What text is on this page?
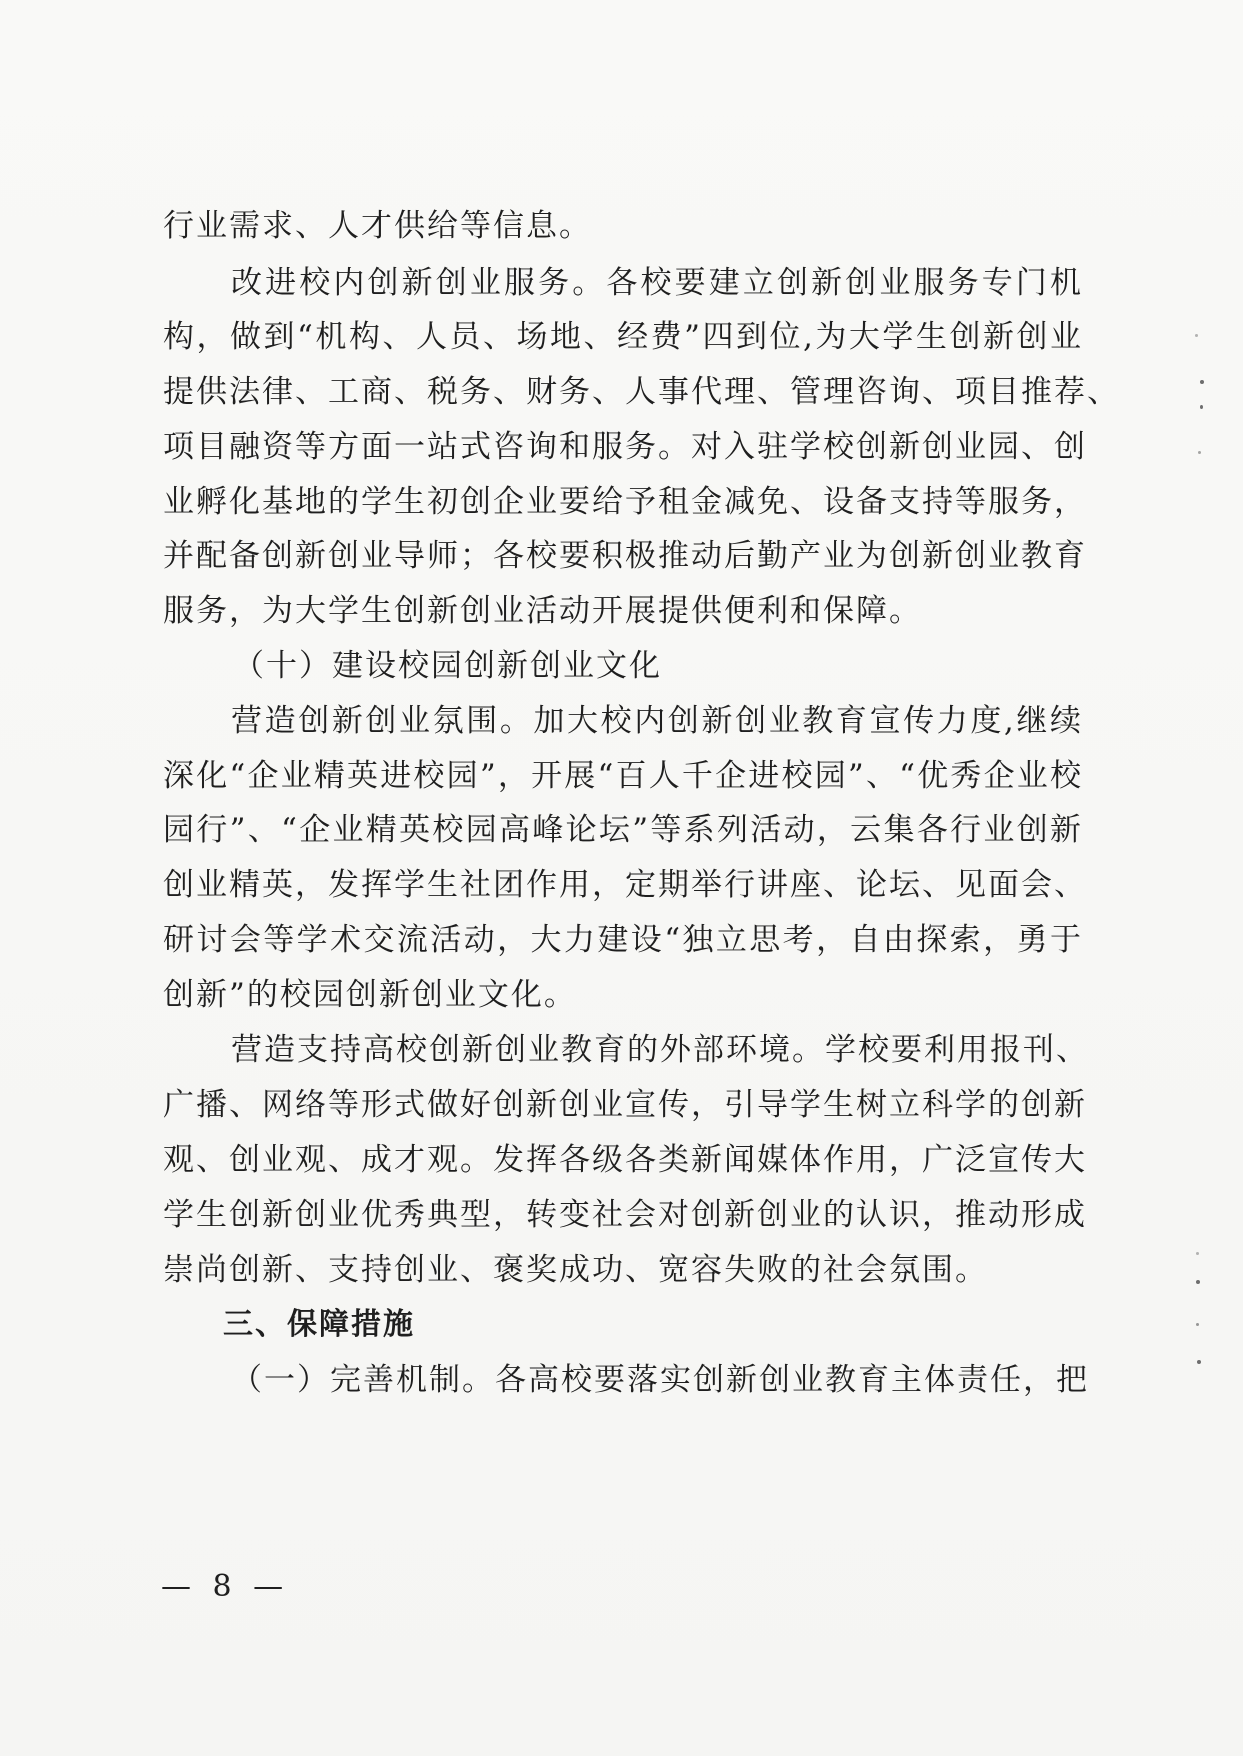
行业需求、人才供给等信息。
改进校内创新创业服务。各校要建立创新创业服务专门机
构，做到“机构、人员、场地、经费”四到位,为大学生创新创业
提供法律、工商、税务、财务、人事代理、管理咨询、项目推荐、
项目融资等方面一站式咨询和服务。对入驻学校创新创业园、创
业孵化基地的学生初创企业要给予租金减免、设备支持等服务，
并配备创新创业导师；各校要积极推动后勤产业为创新创业教育
服务，为大学生创新创业活动开展提供便利和保障。
（十）建设校园创新创业文化
营造创新创业氛围。加大校内创新创业教育宣传力度,继续
深化“企业精英进校园”，开展“百人千企进校园”、“优秀企业校
园行”、“企业精英校园高峰论坛”等系列活动，云集各行业创新
创业精英，发挥学生社团作用，定期举行讲座、论坛、见面会、
研讨会等学术交流活动，大力建设“独立思考，自由探索，勇于
创新”的校园创新创业文化。
营造支持高校创新创业教育的外部环境。学校要利用报刊、
广播、网络等形式做好创新创业宣传，引导学生树立科学的创新
观、创业观、成才观。发挥各级各类新闻媒体作用，广泛宣传大
学生创新创业优秀典型，转变社会对创新创业的认识，推动形成
崇尚创新、支持创业、褒奖成功、宽容失败的社会氛围。
三、保障措施
（一）完善机制。各高校要落实创新创业教育主体责任，把
— 8 —
